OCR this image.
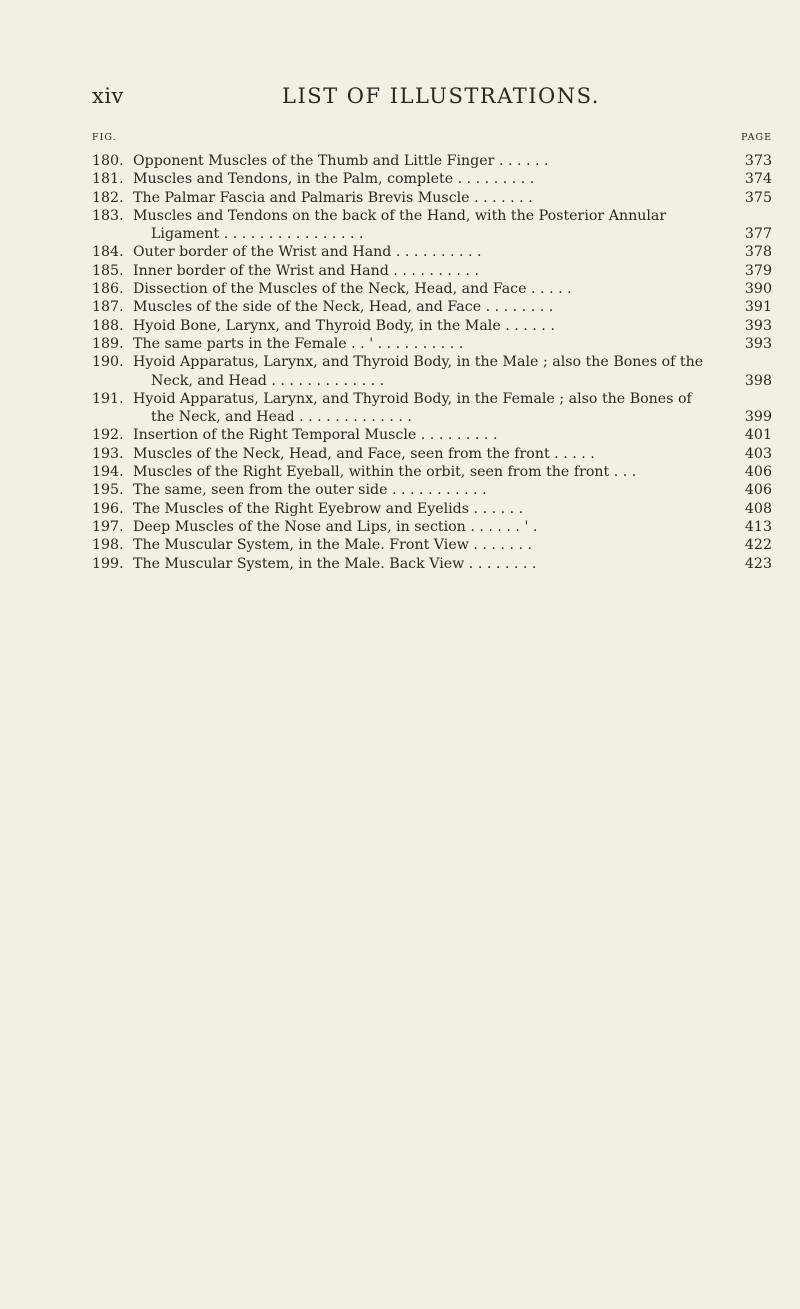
xiv	LIST OF ILLUSTRATIONS.
FIG.	PAGE
180. Opponent Muscles of the Thumb and Little Finger . . . . . .	373
181. Muscles and Tendons, in the Palm, complete . . . . . . . . .	374
182. The Palmar Fascia and Palmaris Brevis Muscle . . . . . . .	375
183. Muscles and Tendons on the back of the Hand, with the Posterior Annular
Ligament . . . . . . . . . . . . . . . .	377
184. Outer border of the Wrist and Hand . . . . . . . . . .	378
185. Inner border of the Wrist and Hand . . . . . . . . . .	379
186. Dissection of the Muscles of the Neck, Head, and Face . . . . .	390
187. Muscles of the side of the Neck, Head, and Face . . . . . . . .	391
188. Hyoid Bone, Larynx, and Thyroid Body, in the Male . . . . . .	393
189. The same parts in the Female . . ' . . . . . . . . . .	393
190. Hyoid Apparatus, Larynx, and Thyroid Body, in the Male ; also the Bones of the
Neck, and Head . . . . . . . . . . . . .	398
191. Hyoid Apparatus, Larynx, and Thyroid Body, in the Female ; also the Bones of
the Neck, and Head . . . . . . . . . . . . .	399
192. Insertion of the Right Temporal Muscle . . . . . . . . .	401
193. Muscles of the Neck, Head, and Face, seen from the front . . . . .	403
194. Muscles of the Right Eyeball, within the orbit, seen from the front . . .	406
195. The same, seen from the outer side . . . . . . . . . . .	406
196. The Muscles of the Right Eyebrow and Eyelids . . . . . .	408
197. Deep Muscles of the Nose and Lips, in section . . . . . . ' .	413
198. The Muscular System, in the Male. Front View . . . . . . .	422
199. The Muscular System, in the Male. Back View . . . . . . . .	423
